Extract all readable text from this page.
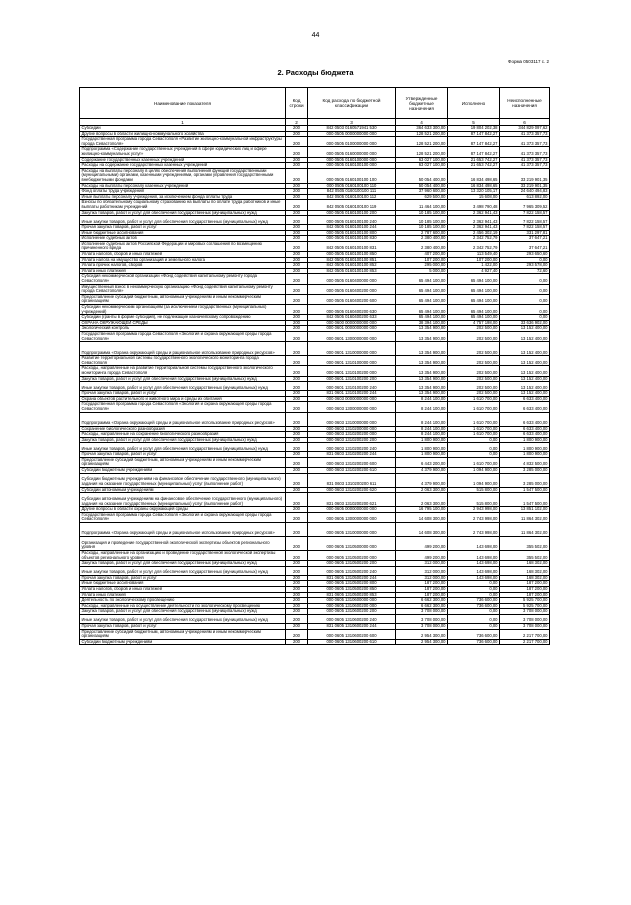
44
Форма 0503117 с. 2
2. Расходы бюджета
Наименование показателя	Код строки	Код расхода по бюджетной классификации	Утвержденные бюджетные назначения	Исполнено	Неисполненные назначения
1	2	3	4	5	6
Субсидии	200	842 0503 0160571941 530	364 633 300,00	19 804 202,38	344 829 097,62
Другие вопросы в области жилищно-коммунального хозяйства	200	000 0505 0000000000 000	128 521 200,00	87 147 842,27	41 373 357,73
Государственная программа города Севастополя «Развитие жилищно-коммунальной инфраструктуры города Севастополя»	200	000 0505 0100000000 000	128 521 200,00	87 147 842,27	41 373 357,73
Подпрограмма «Содержание государственных учреждений в сфере юридических лиц и офере жилищно-коммунальных услуг»	200	000 0505 0160000000 000	128 521 200,00	87 147 842,27	41 373 357,73
Содержание государственных казенных учреждений	200	000 0505 0160100000 000	63 027 100,00	21 653 742,27	41 373 357,73
Расходы на содержание государственных казенных учреждений	200	000 0505 0160100100 000	63 027 100,00	21 653 742,27	41 373 357,73
Расходы на выплаты персоналу в целях обеспечения выполнения функций государственными (муниципальными) органами, казенными учреждениями, органами управления государственными внебюджетными фондами	200	000 0505 0160100100 100	50 054 400,00	16 834 498,65	33 219 901,35
Расходы на выплаты персоналу казенных учреждений	200	000 0505 0160100100 110	50 054 400,00	16 834 498,65	33 219 901,35
Фонд оплаты труда учреждений	200	842 0505 0160100100 111	37 960 600,00	13 320 105,17	24 640 494,83
Иные выплаты персоналу учреждений, за исключением фонда оплаты труда	200	842 0505 0160100100 112	629 500,00	15 608,00	613 892,00
Взносы по обязательному социальному страхованию на выплаты по оплате труда работников и иные выплаты работникам учреждений	200	842 0505 0160100100 119	11 464 100,00	3 498 790,48	7 965 309,52
Закупка товаров, работ и услуг для обеспечения государственных (муниципальных) нужд	200	000 0505 0160100100 200	10 185 100,00	2 362 941,43	7 822 158,57
Иные закупки товаров, работ и услуг для обеспечения государственных (муниципальных) нужд	200	000 0505 0160100100 240	10 185 100,00	2 362 941,43	7 822 158,57
Прочая закупка товаров, работ и услуг	200	842 0505 0160100100 244	10 185 100,00	2 362 941,43	7 822 158,57
Иные бюджетные ассигнования	200	000 0505 0160100100 800	2 787 600,00	2 456 302,19	331 297,81
Исполнение судебных актов	200	000 0505 0160100100 830	2 380 400,00	2 342 752,79	37 647,21
Исполнение судебных актов Российской Федерации и мировых соглашений по возмещению причиненного вреда	200	842 0505 0160100100 831	2 380 400,00	2 342 752,79	37 647,21
Уплата налогов, сборов и иных платежей	200	000 0505 0160100100 850	407 200,00	113 549,40	293 650,60
Уплата налога на имущество организаций и земельного налога	200	842 0505 0160100100 851	107 200,00	107 200,00	0,00
Уплата прочих налогов, сборов	200	842 0505 0160100100 852	295 000,00	1 422,00	293 578,00
Уплата иных платежей	200	842 0505 0160100100 853	5 000,00	4 927,40	72,60
Субсидия некоммерческой организации «Фонд содействия капитальному ремонту города Севастополя»	200	000 0505 0160400000 000	65 494 100,00	65 494 100,00	0,00
Имущественный взнос в некоммерческую организацию «Фонд содействия капитальному ремонту города Севастополя»	200	000 0505 0160400200 000	65 494 100,00	65 494 100,00	0,00
Предоставление субсидий бюджетным, автономным учреждениям и иным некоммерческим организациям	200	000 0505 0160400200 600	65 494 100,00	65 494 100,00	0,00
Субсидии некоммерческим организациям (за исключением государственных (муниципальных) учреждений)	200	000 0505 0160400200 630	65 494 100,00	65 494 100,00	0,00
Субсидии (гранты в форме субсидий), не подлежащие казначейскому сопровождению	200	842 0505 0160400200 633	65 494 100,00	65 494 100,00	0,00
ОХРАНА ОКРУЖАЮЩЕЙ СРЕДЫ	200	000 0600 0000000000 000	38 394 100,00	4 757 198,00	33 636 902,00
Экологический контроль	200	000 0601 0000000000 000	13 354 900,00	202 500,00	13 152 400,00
Государственная программа города Севастополя «Экология и охрана окружающей среды города Севастополя»	200	000 0601 1300000000 000	13 354 900,00	202 500,00	13 152 400,00
Подпрограмма «Охрана окружающей среды и рациональное использование природных ресурсов»	200	000 0601 1310000000 000	13 354 900,00	202 500,00	13 152 400,00
Развитие территориальной системы государственного экологического мониторинга города Севастополя	200	000 0601 1310100000 000	13 354 900,00	202 500,00	13 152 400,00
Расходы, направленные на развитие территориальной системы государственного экологического мониторинга города Севастополя	200	000 0601 1310100200 000	13 354 900,00	202 500,00	13 152 400,00
Закупка товаров, работ и услуг для обеспечения государственных (муниципальных) нужд	200	000 0601 1310100200 200	13 354 900,00	202 500,00	13 152 400,00
Иные закупки товаров, работ и услуг для обеспечения государственных (муниципальных) нужд	200	000 0601 1310100200 240	13 354 900,00	202 500,00	13 152 400,00
Прочая закупка товаров, работ и услуг	200	831 0601 1310100200 244	13 354 900,00	202 500,00	13 152 400,00
Охрана объектов растительного и животного мира и среды их обитания	200	000 0603 0000000000 000	8 244 100,00	1 610 700,00	6 633 400,00
Государственная программа города Севастополя «Экология и охрана окружающей среды города Севастополя»	200	000 0603 1300000000 000	8 244 100,00	1 610 700,00	6 633 400,00
Подпрограмма «Охрана окружающей среды и рациональное использование природных ресурсов»	200	000 0603 1310000000 000	8 244 100,00	1 610 700,00	6 633 400,00
Сохранение биологического разнообразия	200	000 0603 1310200000 000	8 244 100,00	1 610 700,00	6 633 400,00
Расходы, направленные на сохранение биологического разнообразия	200	000 0603 1310200200 000	8 244 100,00	1 610 700,00	6 633 400,00
Закупка товаров, работ и услуг для обеспечения государственных (муниципальных) нужд	200	000 0603 1310200200 200	1 800 900,00	0,00	1 800 900,00
Иные закупки товаров, работ и услуг для обеспечения государственных (муниципальных) нужд	200	000 0603 1310200200 240	1 800 900,00	0,00	1 800 900,00
Прочая закупка товаров, работ и услуг	200	831 0603 1310200200 244	1 800 900,00	0,00	1 800 900,00
Предоставление субсидий бюджетным, автономным учреждениям и иным некоммерческим организациям	200	000 0603 1310200200 600	6 443 200,00	1 610 700,00	4 832 500,00
Субсидии бюджетным учреждениям	200	000 0603 1310200200 610	4 379 900,00	1 094 900,00	3 285 000,00
Субсидии бюджетным учреждениям на финансовое обеспечение государственного (муниципального) задания на оказание государственных (муниципальных) услуг (выполнение работ)	200	831 0603 1310200200 611	4 379 900,00	1 094 900,00	3 285 000,00
Субсидии автономным учреждениям	200	000 0603 1310200200 620	2 063 300,00	515 800,00	1 547 500,00
Субсидии автономным учреждениям на финансовое обеспечение государственного (муниципального) задания на оказание государственных (муниципальных) услуг (выполнение работ)	200	831 0603 1310200200 621	2 063 300,00	515 800,00	1 547 500,00
Другие вопросы в области охраны окружающей среды	200	000 0605 0000000000 000	16 795 100,00	2 943 998,00	13 851 102,00
Государственная программа города Севастополя «Экология и охрана окружающей среды города Севастополя»	200	000 0605 1300000000 000	14 608 300,00	2 743 998,00	11 864 302,00
Подпрограмма «Охрана окружающей среды и рациональное использование природных ресурсов»	200	000 0605 1310000000 000	14 608 300,00	2 743 998,00	11 864 302,00
Организация и проведение государственной экологической экспертизы объектов регионального уровня	200	000 0605 1310500000 000	499 200,00	143 698,00	355 502,00
Расходы, направленные на организацию и проведение государственной экологической экспертизы объектов регионального уровня	200	000 0605 1310500200 000	499 200,00	143 698,00	355 502,00
Закупка товаров, работ и услуг для обеспечения государственных (муниципальных) нужд	200	000 0605 1310500200 200	312 000,00	143 698,00	168 302,00
Иные закупки товаров, работ и услуг для обеспечения государственных (муниципальных) нужд	200	000 0605 1310500200 240	312 000,00	143 698,00	168 302,00
Прочая закупка товаров, работ и услуг	200	831 0605 1310500200 244	312 000,00	143 698,00	168 302,00
Иные бюджетные ассигнования	200	000 0605 1310500200 800	187 200,00	0,00	187 200,00
Уплата налогов, сборов и иных платежей	200	000 0605 1310500200 850	187 200,00	0,00	187 200,00
Уплата иных платежей	200	831 0605 1310500200 853	187 200,00	0,00	187 200,00
Деятельность по экологическому просвещению	200	000 0605 1310600000 000	6 662 300,00	736 600,00	5 925 700,00
Расходы, направленные на осуществление деятельности по экологическому просвещению	200	000 0605 1310600200 000	6 662 300,00	736 600,00	5 925 700,00
Закупка товаров, работ и услуг для обеспечения государственных (муниципальных) нужд	200	000 0605 1310600200 200	3 708 000,00	0,00	3 708 000,00
Иные закупки товаров, работ и услуг для обеспечения государственных (муниципальных) нужд	200	000 0605 1310600200 240	3 708 000,00	0,00	3 708 000,00
Прочая закупка товаров, работ и услуг	200	831 0605 1310600200 244	3 708 000,00	0,00	3 708 000,00
Предоставление субсидий бюджетным, автономным учреждениям и иным некоммерческим организациям	200	000 0605 1310600200 600	2 954 300,00	736 600,00	2 217 700,00
Субсидии бюджетным учреждениям	200	000 0605 1310600200 610	2 954 300,00	736 600,00	2 217 700,00
